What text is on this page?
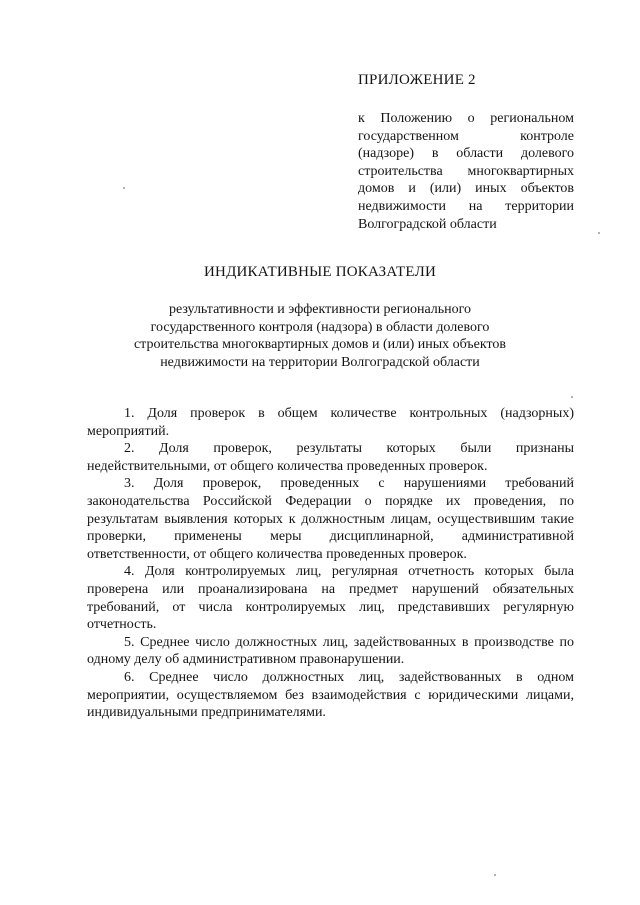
ПРИЛОЖЕНИЕ 2
к Положению о региональном государственном контроле (надзоре) в области долевого строительства многоквартирных домов и (или) иных объектов недвижимости на территории Волгоградской области
ИНДИКАТИВНЫЕ ПОКАЗАТЕЛИ
результативности и эффективности регионального государственного контроля (надзора) в области долевого строительства многоквартирных домов и (или) иных объектов недвижимости на территории Волгоградской области
1. Доля проверок в общем количестве контрольных (надзорных) мероприятий.
2. Доля проверок, результаты которых были признаны недействительными, от общего количества проведенных проверок.
3. Доля проверок, проведенных с нарушениями требований законодательства Российской Федерации о порядке их проведения, по результатам выявления которых к должностным лицам, осуществившим такие проверки, применены меры дисциплинарной, административной ответственности, от общего количества проведенных проверок.
4. Доля контролируемых лиц, регулярная отчетность которых была проверена или проанализирована на предмет нарушений обязательных требований, от числа контролируемых лиц, представивших регулярную отчетность.
5. Среднее число должностных лиц, задействованных в производстве по одному делу об административном правонарушении.
6. Среднее число должностных лиц, задействованных в одном мероприятии, осуществляемом без взаимодействия с юридическими лицами, индивидуальными предпринимателями.
